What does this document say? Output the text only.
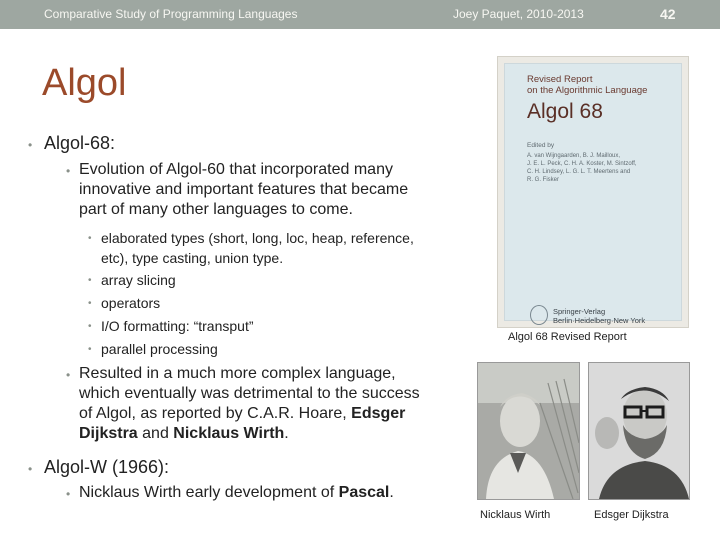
Comparative Study of Programming Languages	Joey Paquet, 2010-2013	42
Algol
• Algol-68:
• Evolution of Algol-60 that incorporated many
innovative and important features that became
part of many other languages to come.
• elaborated types (short, long, loc, heap, reference,
etc), type casting, union type.
• array slicing
• operators
• I/O formatting: “transput”
• parallel processing
• Resulted in a much more complex language,
which eventually was detrimental to the success
of Algol, as reported by C.A.R. Hoare, Edsger
Dijkstra and Nicklaus Wirth.
• Algol-W (1966):
• Nicklaus Wirth early development of Pascal.
Revised Report
on the Algorithmic Language
Algol 68
Edited by
A. van Wijngaarden, B. J. Mailloux,
J. E. L. Peck, C. H. A. Koster, M. Sintzoff,
C. H. Lindsey, L. G. L. T. Meertens and
R. G. Fisker
Springer-Verlag
Berlin·Heidelberg·New York
Algol 68 Revised Report
Nicklaus Wirth	Edsger Dijkstra
